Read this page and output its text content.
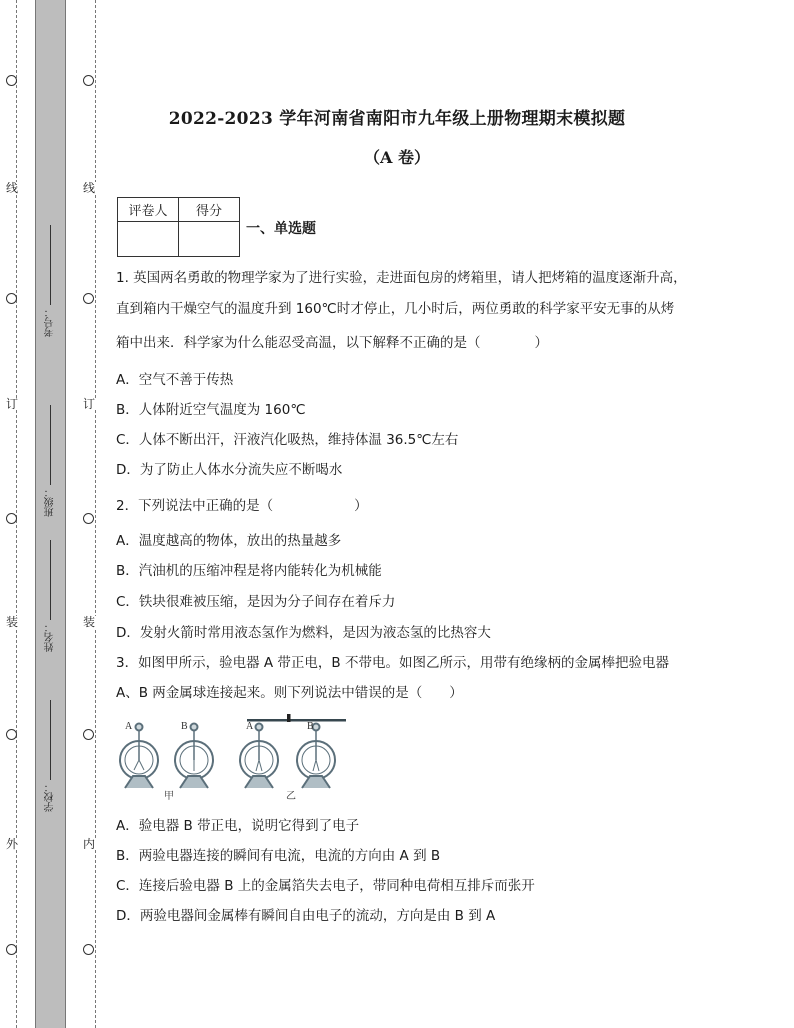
线
订
装
外
线
订
装
内
考号：
班级：
姓名：
学校：
2022-2023 学年河南省南阳市九年级上册物理期末模拟题
（A 卷）
评卷人	得分

一、单选题
1. 英国两名勇敢的物理学家为了进行实验，走进面包房的烤箱里，请人把烤箱的温度逐渐升高，
直到箱内干燥空气的温度升到 160℃时才停止，几小时后，两位勇敢的科学家平安无事的从烤
箱中出来．科学家为什么能忍受高温，以下解释不正确的是（　　　　）
A．空气不善于传热
B．人体附近空气温度为 160℃
C．人体不断出汗，汗液汽化吸热，维持体温 36.5℃左右
D．为了防止人体水分流失应不断喝水
2．下列说法中正确的是（　　　　　　）
A．温度越高的物体，放出的热量越多
B．汽油机的压缩冲程是将内能转化为机械能
C．铁块很难被压缩，是因为分子间存在着斥力
D．发射火箭时常用液态氢作为燃料，是因为液态氢的比热容大
3．如图甲所示，验电器 A 带正电，B 不带电。如图乙所示，用带有绝缘柄的金属棒把验电器
A、B 两金属球连接起来。则下列说法中错误的是（　　）
A	B	A	B
甲	乙
A．验电器 B 带正电，说明它得到了电子
B．两验电器连接的瞬间有电流，电流的方向由 A 到 B
C．连接后验电器 B 上的金属箔失去电子，带同种电荷相互排斥而张开
D．两验电器间金属棒有瞬间自由电子的流动，方向是由 B 到 A
